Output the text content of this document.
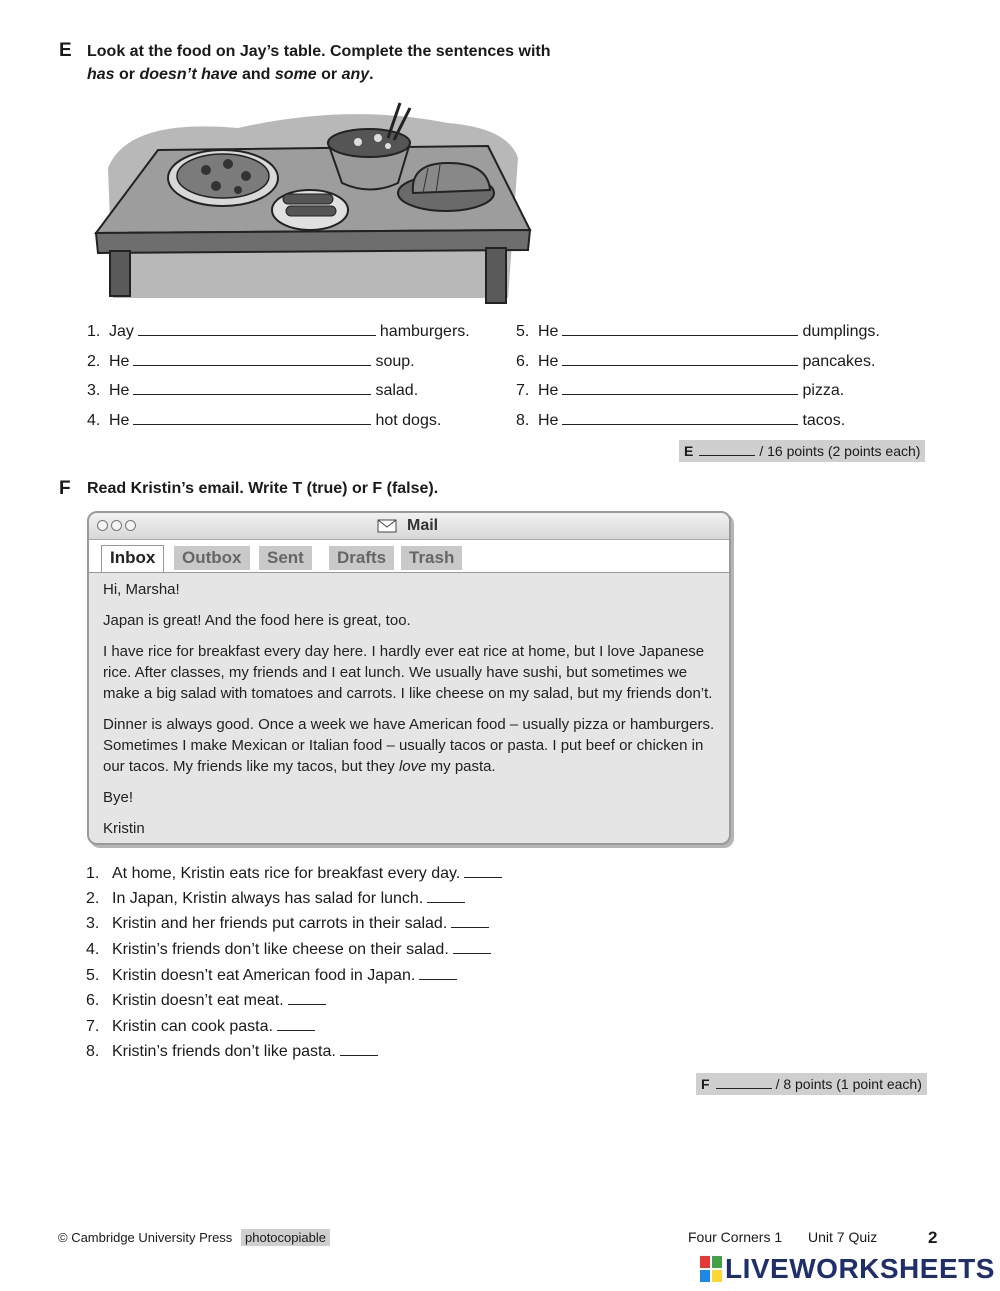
E Look at the food on Jay’s table. Complete the sentences with
has or doesn’t have and some or any.
1. Jay	hamburgers.
2. He	soup.
3. He	salad.
4. He	hot dogs.
5. He	dumplings.
6. He	pancakes.
7. He	pizza.
8. He	tacos.
E	/ 16 points (2 points each)
F Read Kristin’s email. Write T (true) or F (false).
Mail
Inbox	Outbox	Sent	Drafts	Trash

Hi, Marsha!

Japan is great! And the food here is great, too.

I have rice for breakfast every day here. I hardly ever eat rice at home, but I love Japanese rice. After classes, my friends and I eat lunch. We usually have sushi, but sometimes we make a big salad with tomatoes and carrots. I like cheese on my salad, but my friends don’t.

Dinner is always good. Once a week we have American food – usually pizza or hamburgers. Sometimes I make Mexican or Italian food – usually tacos or pasta. I put beef or chicken in our tacos. My friends like my tacos, but they love my pasta.

Bye!

Kristin

1. At home, Kristin eats rice for breakfast every day.
2. In Japan, Kristin always has salad for lunch.
3. Kristin and her friends put carrots in their salad.
4. Kristin’s friends don’t like cheese on their salad.
5. Kristin doesn’t eat American food in Japan.
6. Kristin doesn’t eat meat.
7. Kristin can cook pasta.
8. Kristin’s friends don’t like pasta.
F	/ 8 points (1 point each)
© Cambridge University Press photocopiable	Four Corners 1 Unit 7 Quiz	2
LIVEWORKSHEETS
